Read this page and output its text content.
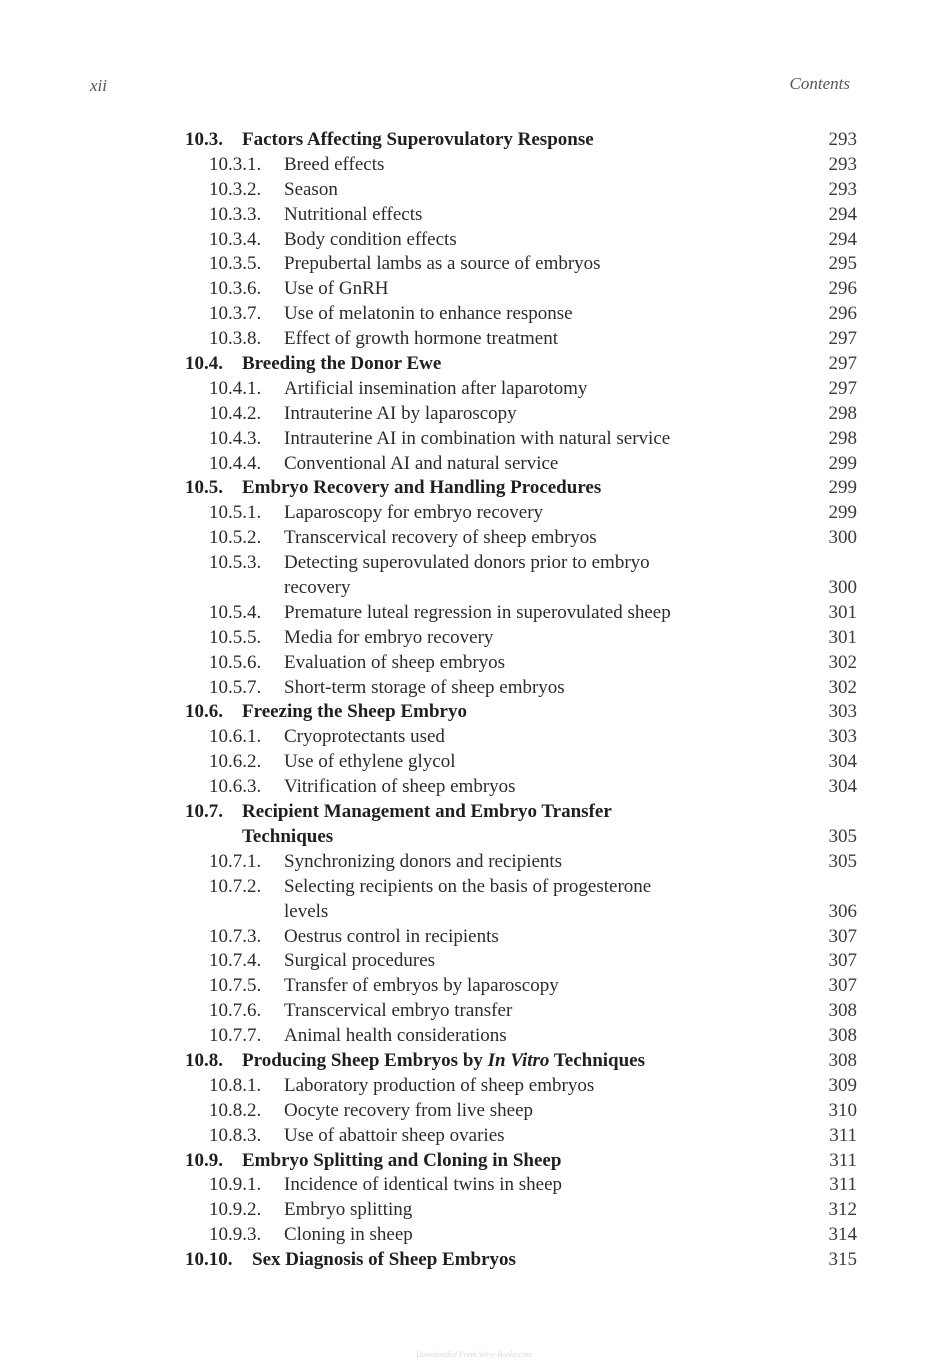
xii	Contents
10.3. Factors Affecting Superovulatory Response	293
10.3.1. Breed effects	293
10.3.2. Season	293
10.3.3. Nutritional effects	294
10.3.4. Body condition effects	294
10.3.5. Prepubertal lambs as a source of embryos	295
10.3.6. Use of GnRH	296
10.3.7. Use of melatonin to enhance response	296
10.3.8. Effect of growth hormone treatment	297
10.4. Breeding the Donor Ewe	297
10.4.1. Artificial insemination after laparotomy	297
10.4.2. Intrauterine AI by laparoscopy	298
10.4.3. Intrauterine AI in combination with natural service	298
10.4.4. Conventional AI and natural service	299
10.5. Embryo Recovery and Handling Procedures	299
10.5.1. Laparoscopy for embryo recovery	299
10.5.2. Transcervical recovery of sheep embryos	300
10.5.3. Detecting superovulated donors prior to embryo
recovery	300
10.5.4. Premature luteal regression in superovulated sheep	301
10.5.5. Media for embryo recovery	301
10.5.6. Evaluation of sheep embryos	302
10.5.7. Short-term storage of sheep embryos	302
10.6. Freezing the Sheep Embryo	303
10.6.1. Cryoprotectants used	303
10.6.2. Use of ethylene glycol	304
10.6.3. Vitrification of sheep embryos	304
10.7. Recipient Management and Embryo Transfer
Techniques	305
10.7.1. Synchronizing donors and recipients	305
10.7.2. Selecting recipients on the basis of progesterone
levels	306
10.7.3. Oestrus control in recipients	307
10.7.4. Surgical procedures	307
10.7.5. Transfer of embryos by laparoscopy	307
10.7.6. Transcervical embryo transfer	308
10.7.7. Animal health considerations	308
10.8. Producing Sheep Embryos by In Vitro Techniques	308
10.8.1. Laboratory production of sheep embryos	309
10.8.2. Oocyte recovery from live sheep	310
10.8.3. Use of abattoir sheep ovaries	311
10.9. Embryo Splitting and Cloning in Sheep	311
10.9.1. Incidence of identical twins in sheep	311
10.9.2. Embryo splitting	312
10.9.3. Cloning in sheep	314
10.10. Sex Diagnosis of Sheep Embryos	315
Downloaded From Vet-e-Books.com
